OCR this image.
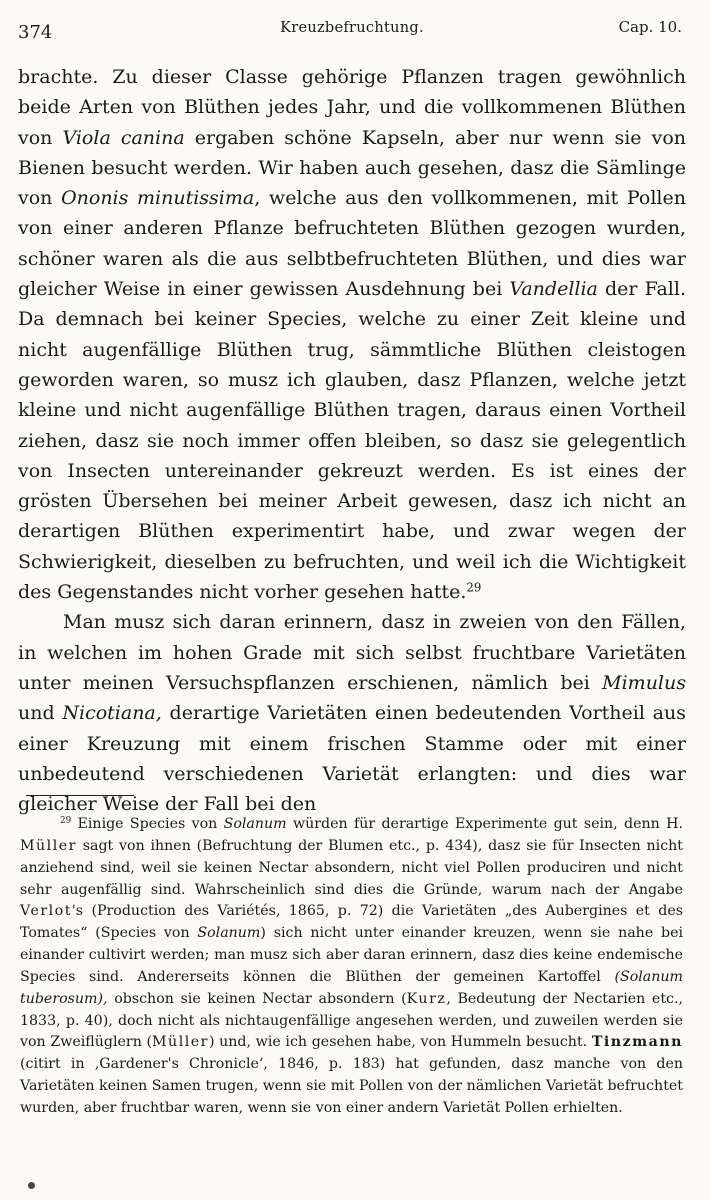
374	Kreuzbefruchtung.	Cap. 10.

brachte. Zu dieser Classe gehörige Pflanzen tragen gewöhnlich beide Arten von Blüthen jedes Jahr, und die vollkommenen Blüthen von Viola canina ergaben schöne Kapseln, aber nur wenn sie von Bienen besucht werden. Wir haben auch gesehen, dasz die Sämlinge von Ononis minutissima, welche aus den vollkommenen, mit Pollen von einer anderen Pflanze befruchteten Blüthen gezogen wurden, schöner waren als die aus selbtbefruchteten Blüthen, und dies war gleicher Weise in einer gewissen Ausdehnung bei Vandellia der Fall. Da demnach bei keiner Species, welche zu einer Zeit kleine und nicht augenfällige Blüthen trug, sämmtliche Blüthen cleistogen geworden waren, so musz ich glauben, dasz Pflanzen, welche jetzt kleine und nicht augenfällige Blüthen tragen, daraus einen Vortheil ziehen, dasz sie noch immer offen bleiben, so dasz sie gelegentlich von Insecten untereinander gekreuzt werden. Es ist eines der grösten Übersehen bei meiner Arbeit gewesen, dasz ich nicht an derartigen Blüthen experimentirt habe, und zwar wegen der Schwierigkeit, dieselben zu befruchten, und weil ich die Wichtigkeit des Gegenstandes nicht vorher gesehen hatte.$^{29}$

Man musz sich daran erinnern, dasz in zweien von den Fällen, in welchen im hohen Grade mit sich selbst fruchtbare Varietäten unter meinen Versuchspflanzen erschienen, nämlich bei Mimulus und Nicotiana, derartige Varietäten einen bedeutenden Vortheil aus einer Kreuzung mit einem frischen Stamme oder mit einer unbedeutend verschiedenen Varietät erlangten: und dies war gleicher Weise der Fall bei den

$^{29}$ Einige Species von Solanum würden für derartige Experimente gut sein, denn H. Müller sagt von ihnen (Befruchtung der Blumen etc., p. 434), dasz sie für Insecten nicht anziehend sind, weil sie keinen Nectar absondern, nicht viel Pollen produciren und nicht sehr augenfällig sind. Wahrscheinlich sind dies die Gründe, warum nach der Angabe Verlot's (Production des Variétés, 1865, p. 72) die Varietäten „des Aubergines et des Tomates“ (Species von Solanum) sich nicht unter einander kreuzen, wenn sie nahe bei einander cultivirt werden; man musz sich aber daran erinnern, dasz dies keine endemische Species sind. Andererseits können die Blüthen der gemeinen Kartoffel (Solanum tuberosum), obschon sie keinen Nectar absondern (Kurz, Bedeutung der Nectarien etc., 1833, p. 40), doch nicht als nichtaugenfällige angesehen werden, und zuweilen werden sie von Zweiflüglern (Müller) und, wie ich gesehen habe, von Hummeln besucht. Tinzmann (citirt in ‚Gardener's Chronicle‘, 1846, p. 183) hat gefunden, dasz manche von den Varietäten keinen Samen trugen, wenn sie mit Pollen von der nämlichen Varietät befruchtet wurden, aber fruchtbar waren, wenn sie von einer andern Varietät Pollen erhielten.
